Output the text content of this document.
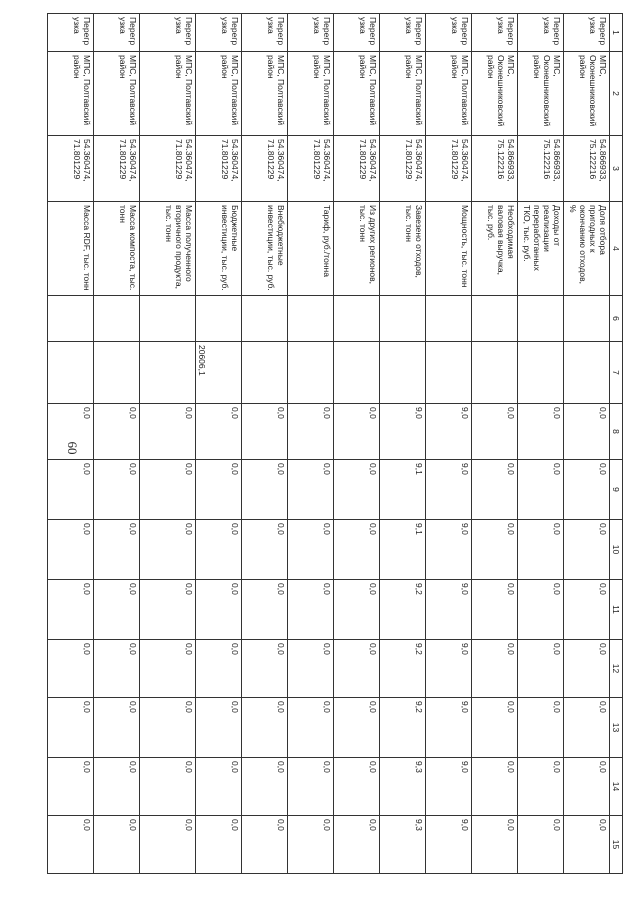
60
1	2	3	4	6	7	8	9	10	11	12	13	14	15
Перегр узка	МПС, Оконешниковский район	54.866933, 75.122216	Доля отбора пригодных к окончанию отходов, %			0,0	0,0	0,0	0,0	0,0	0,0	0,0	0,0
Перегр узка	МПС, Оконешниковский район	54.866933, 75.122216	Доходы от реализации переработанных ТКО, тыс. руб.			0,0	0,0	0,0	0,0	0,0	0,0	0,0	0,0
Перегр узка	МПС, Оконешниковский район	54.866933, 75.122216	Необходимая валовая выручка, тыс. руб.			0,0	0,0	0,0	0,0	0,0	0,0	0,0	0,0
Перегр узка	МПС, Полтавский район	54.360474, 71.801229	Мощность, тыс. тонн			9,0	9,0	9,0	9,0	9,0	9,0	9,0	9,0
Перегр узка	МПС, Полтавский район	54.360474, 71.801229	Завезено отходов, тыс. тонн			9,0	9,1	9,1	9,2	9,2	9,2	9,3	9,3
Перегр узка	МПС, Полтавский район	54.360474, 71.801229	Из других регионов, тыс. тонн			0,0	0,0	0,0	0,0	0,0	0,0	0,0	0,0
Перегр узка	МПС, Полтавский район	54.360474, 71.801229	Тариф, руб./тонна			0,0	0,0	0,0	0,0	0,0	0,0	0,0	0,0
Перегр узка	МПС, Полтавский район	54.360474, 71.801229	Внебюджетные инвестиции, тыс. руб.			0,0	0,0	0,0	0,0	0,0	0,0	0,0	0,0
Перегр узка	МПС, Полтавский район	54.360474, 71.801229	Бюджетные инвестиции, тыс. руб.		20606,1	0,0	0,0	0,0	0,0	0,0	0,0	0,0	0,0
Перегр узка	МПС, Полтавский район	54.360474, 71.801229	Масса полученного вторичного продукта, тыс. тонн			0,0	0,0	0,0	0,0	0,0	0,0	0,0	0,0
Перегр узка	МПС, Полтавский район	54.360474, 71.801229	Масса компоста, тыс. тонн			0,0	0,0	0,0	0,0	0,0	0,0	0,0	0,0
Перегр узка	МПС, Полтавский район	54.360474, 71.801229	Масса RDF, тыс. тонн			0,0	0,0	0,0	0,0	0,0	0,0	0,0	0,0
